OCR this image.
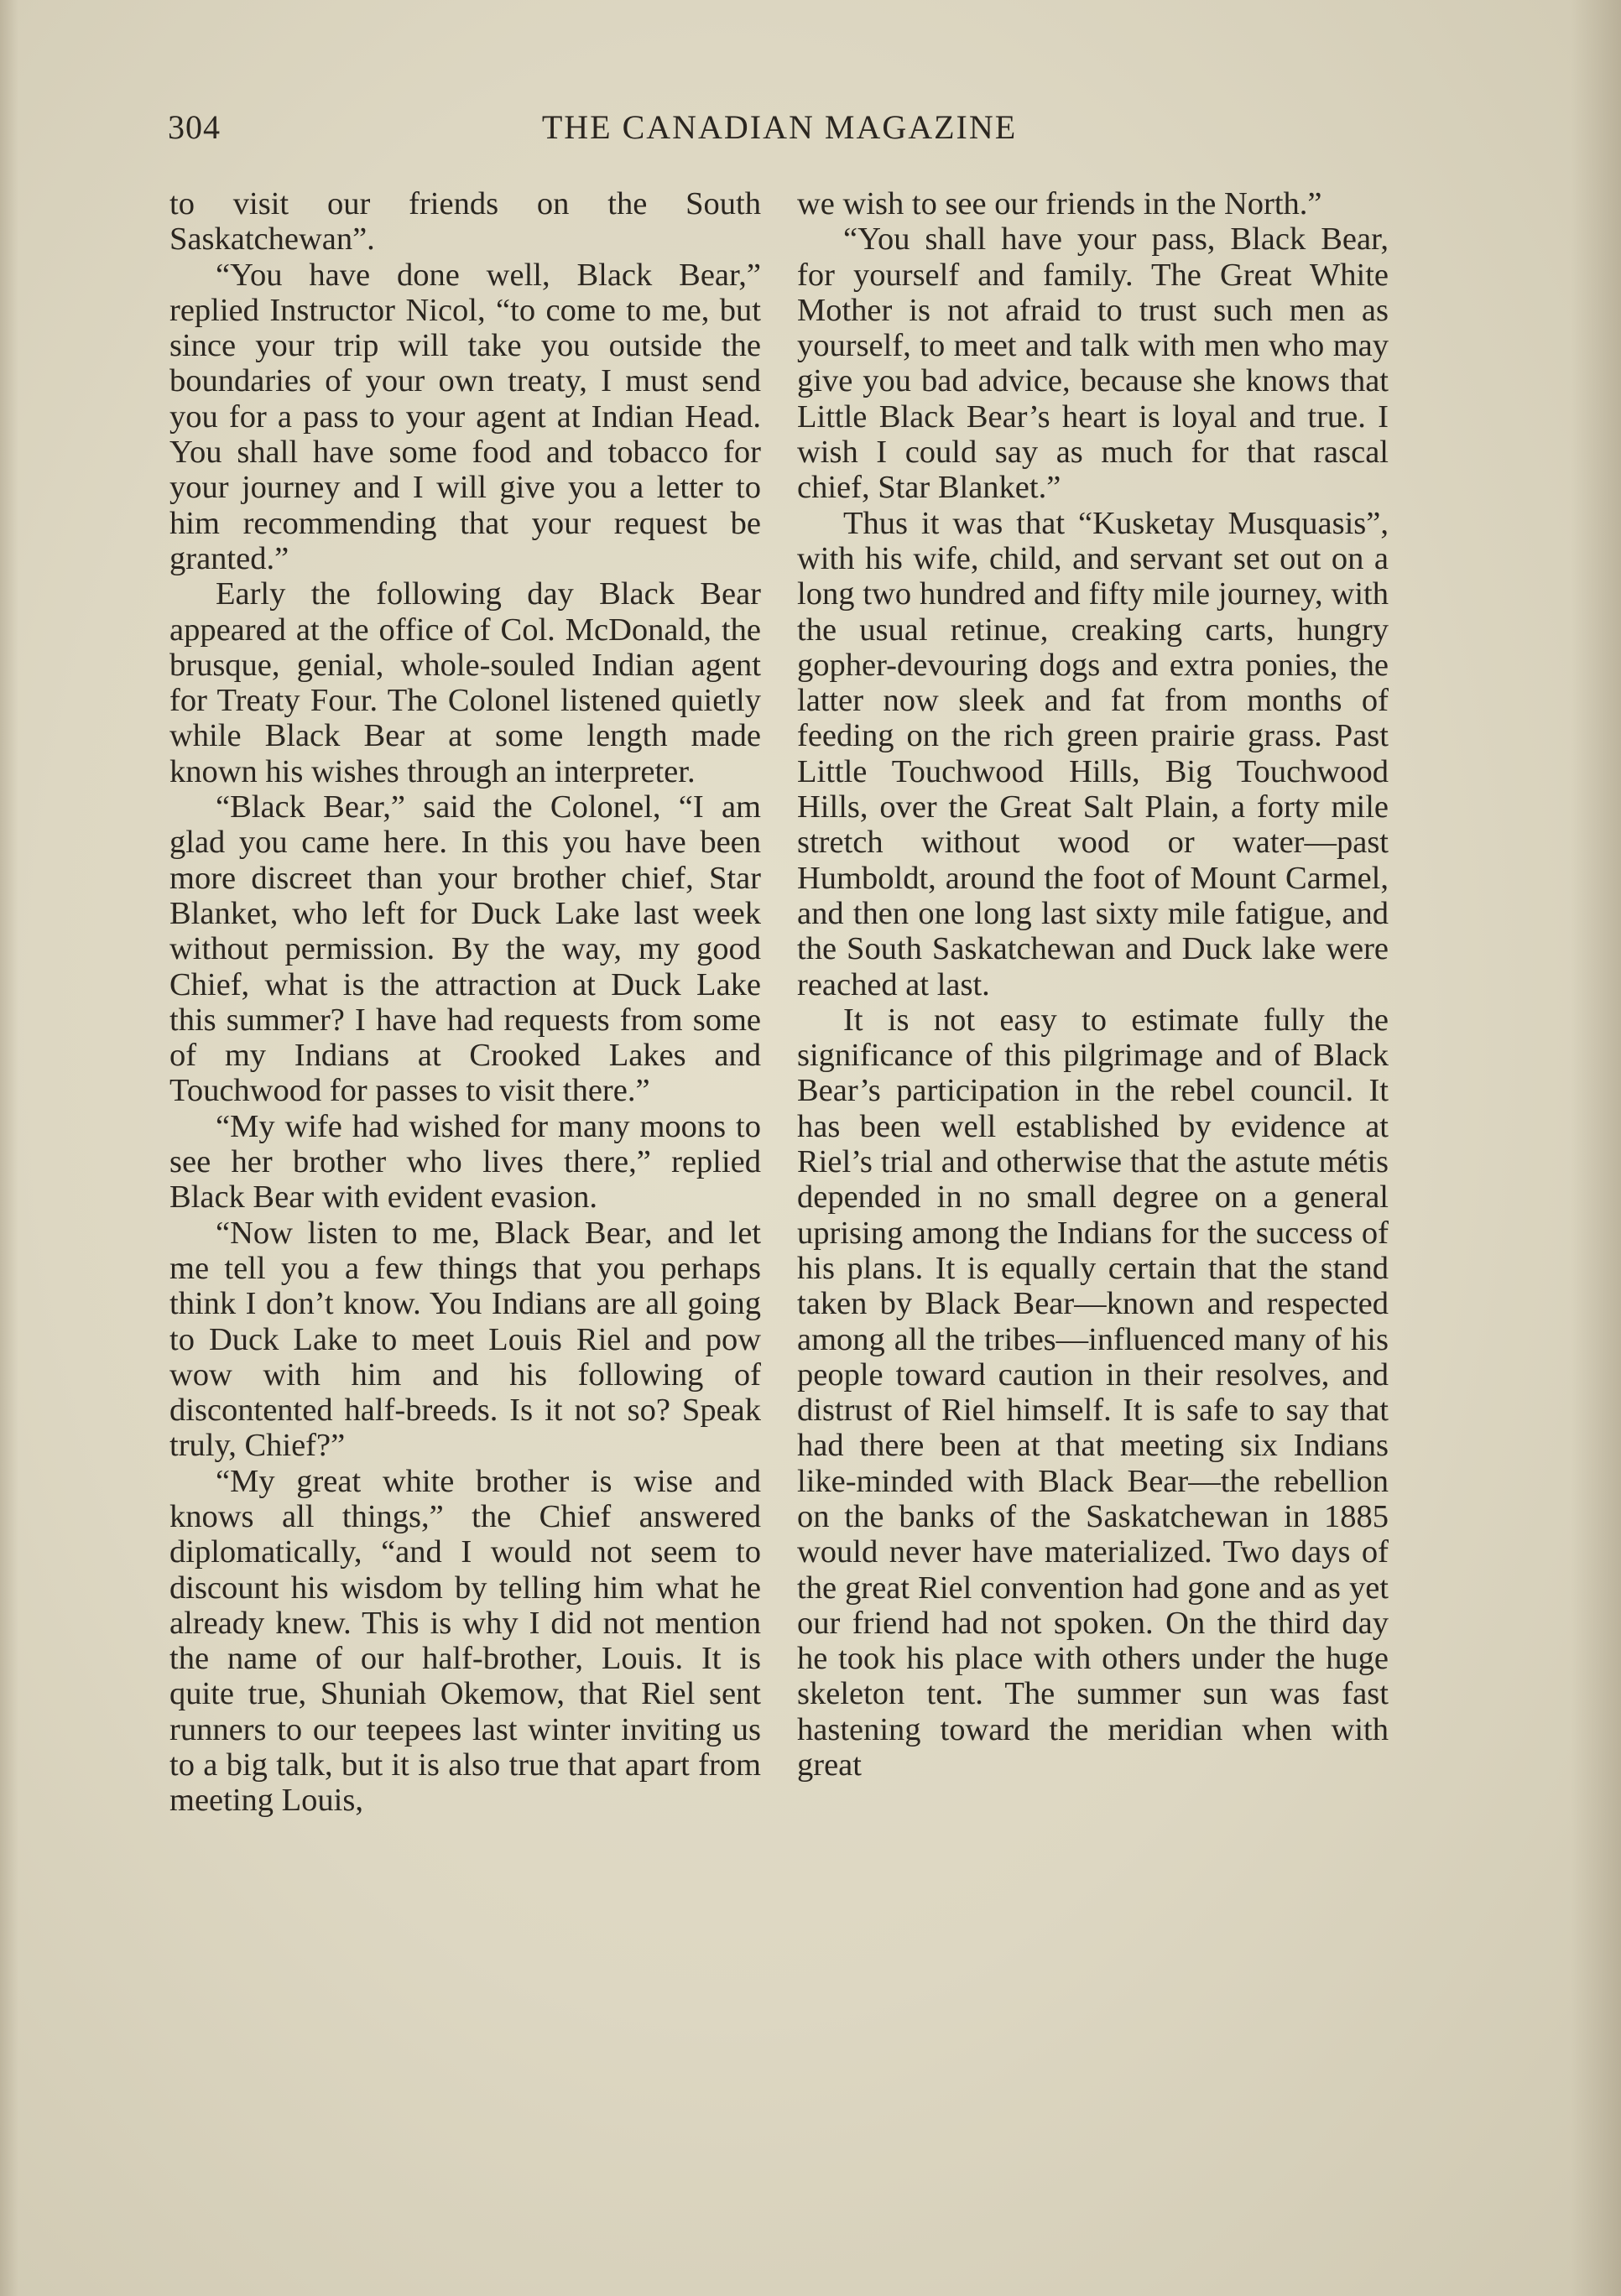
304	THE CANADIAN MAGAZINE

to visit our friends on the South Saskatchewan”.

“You have done well, Black Bear,” replied Instructor Nicol, “to come to me, but since your trip will take you outside the boundaries of your own treaty, I must send you for a pass to your agent at Indian Head. You shall have some food and tobacco for your journey and I will give you a letter to him recommending that your request be granted.”

Early the following day Black Bear appeared at the office of Col. McDonald, the brusque, genial, whole-souled Indian agent for Treaty Four. The Colonel listened quietly while Black Bear at some length made known his wishes through an interpreter.

“Black Bear,” said the Colonel, “I am glad you came here. In this you have been more discreet than your brother chief, Star Blanket, who left for Duck Lake last week without permission. By the way, my good Chief, what is the attraction at Duck Lake this summer? I have had requests from some of my Indians at Crooked Lakes and Touchwood for passes to visit there.”

“My wife had wished for many moons to see her brother who lives there,” replied Black Bear with evident evasion.

“Now listen to me, Black Bear, and let me tell you a few things that you perhaps think I don’t know. You Indians are all going to Duck Lake to meet Louis Riel and pow wow with him and his following of discontented half-breeds. Is it not so? Speak truly, Chief?”

“My great white brother is wise and knows all things,” the Chief answered diplomatically, “and I would not seem to discount his wisdom by telling him what he already knew. This is why I did not mention the name of our half-brother, Louis. It is quite true, Shuniah Okemow, that Riel sent runners to our teepees last winter inviting us to a big talk, but it is also true that apart from meeting Louis,

we wish to see our friends in the North.”

“You shall have your pass, Black Bear, for yourself and family. The Great White Mother is not afraid to trust such men as yourself, to meet and talk with men who may give you bad advice, because she knows that Little Black Bear’s heart is loyal and true. I wish I could say as much for that rascal chief, Star Blanket.”

Thus it was that “Kusketay Musquasis”, with his wife, child, and servant set out on a long two hundred and fifty mile journey, with the usual retinue, creaking carts, hungry gopher-devouring dogs and extra ponies, the latter now sleek and fat from months of feeding on the rich green prairie grass. Past Little Touchwood Hills, Big Touchwood Hills, over the Great Salt Plain, a forty mile stretch without wood or water—past Humboldt, around the foot of Mount Carmel, and then one long last sixty mile fatigue, and the South Saskatchewan and Duck lake were reached at last.

It is not easy to estimate fully the significance of this pilgrimage and of Black Bear’s participation in the rebel council. It has been well established by evidence at Riel’s trial and otherwise that the astute métis depended in no small degree on a general uprising among the Indians for the success of his plans. It is equally certain that the stand taken by Black Bear—known and respected among all the tribes—influenced many of his people toward caution in their resolves, and distrust of Riel himself. It is safe to say that had there been at that meeting six Indians like-minded with Black Bear—the rebellion on the banks of the Saskatchewan in 1885 would never have materialized. Two days of the great Riel convention had gone and as yet our friend had not spoken. On the third day he took his place with others under the huge skeleton tent. The summer sun was fast hastening toward the meridian when with great
